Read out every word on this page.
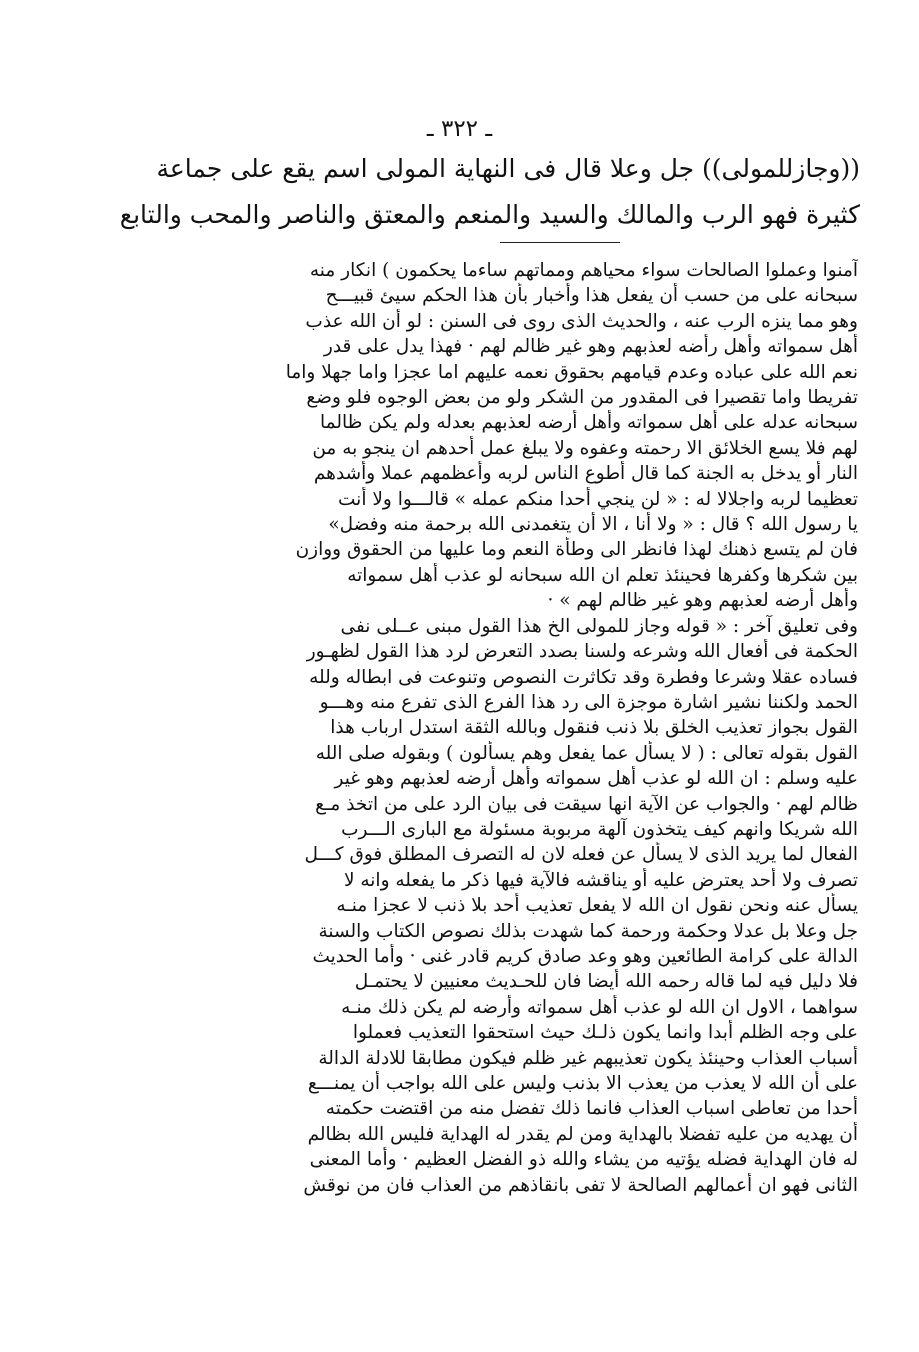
ـ ٣٢٢ ـ
((وجازللمولى)) جل وعلا قال فى النهاية المولى اسم يقع على جماعة
كثيرة فهو الرب والمالك والسيد والمنعم والمعتق والناصر والمحب والتابع
آمنوا وعملوا الصالحات سواء محياهم ومماتهم ساءما يحكمون ) انكار منه
سبحانه على من حسب أن يفعل هذا وأخبار بأن هذا الحكم سيئ قبيـــح
وهو مما ينزه الرب عنه ، والحديث الذى روى فى السنن : لو أن الله عذب
أهل سمواته وأهل رأضه لعذبهم وهو غير ظالم لهم · فهذا يدل على قدر
نعم الله على عباده وعدم قيامهم بحقوق نعمه عليهم اما عجزا واما جهلا واما
تفريطا واما تقصيرا فى المقدور من الشكر ولو من بعض الوجوه فلو وضع
سبحانه عدله على أهل سمواته وأهل أرضه لعذبهم بعدله ولم يكن ظالما
لهم فلا يسع الخلائق الا رحمته وعفوه ولا يبلغ عمل أحدهم ان ينجو به من
النار أو يدخل به الجنة كما قال أطوع الناس لربه وأعظمهم عملا وأشدهم
تعظيما لربه واجلالا له : « لن ينجي أحدا منكم عمله » قالـــوا ولا أنت
يا رسول الله ؟ قال : « ولا أنا ، الا أن يتغمدنى الله برحمة منه وفضل»
فان لم يتسع ذهنك لهذا فانظر الى وطأة النعم وما عليها من الحقوق ووازن
بين شكرها وكفرها فحينئذ تعلم ان الله سبحانه لو عذب أهل سمواته
وأهل أرضه لعذبهم وهو غير ظالم لهم » ·
وفى تعليق آخر : « قوله وجاز للمولى الخ هذا القول مبنى عــلى نفى
الحكمة فى أفعال الله وشرعه ولسنا بصدد التعرض لرد هذا القول لظهـور
فساده عقلا وشرعا وفطرة وقد تكاثرت النصوص وتنوعت فى ابطاله ولله
الحمد ولكننا نشير اشارة موجزة الى رد هذا الفرع الذى تفرع منه وهـــو
القول بجواز تعذيب الخلق بلا ذنب فنقول وبالله الثقة استدل ارباب هذا
القول بقوله تعالى : ( لا يسأل عما يفعل وهم يسألون ) وبقوله صلى الله
عليه وسلم : ان الله لو عذب أهل سمواته وأهل أرضه لعذبهم وهو غير
ظالم لهم · والجواب عن الآية انها سيقت فى بيان الرد على من اتخذ مـع
الله شريكا وانهم كيف يتخذون آلهة مربوبة مسئولة مع البارى الـــرب
الفعال لما يريد الذى لا يسأل عن فعله لان له التصرف المطلق فوق كـــل
تصرف ولا أحد يعترض عليه أو يناقشه فالآية فيها ذكر ما يفعله وانه لا
يسأل عنه ونحن نقول ان الله لا يفعل تعذيب أحد بلا ذنب لا عجزا منـه
جل وعلا بل عدلا وحكمة ورحمة كما شهدت بذلك نصوص الكتاب والسنة
الدالة على كرامة الطائعين وهو وعد صادق كريم قادر غنى · وأما الحديث
فلا دليل فيه لما قاله رحمه الله أيضا فان للحـديث معنيين لا يحتمـل
سواهما ، الاول ان الله لو عذب أهل سمواته وأرضه لم يكن ذلك منـه
على وجه الظلم أبدا وانما يكون ذلـك حيث استحقوا التعذيب فعملوا
أسباب العذاب وحينئذ يكون تعذيبهم غير ظلم فيكون مطابقا للادلة الدالة
على أن الله لا يعذب من يعذب الا بذنب وليس على الله بواجب أن يمنـــع
أحدا من تعاطى اسباب العذاب فانما ذلك تفضل منه من اقتضت حكمته
أن يهديه من عليه تفضلا بالهداية ومن لم يقدر له الهداية فليس الله بظالم
له فان الهداية فضله يؤتيه من يشاء والله ذو الفضل العظيم · وأما المعنى
الثانى فهو ان أعمالهم الصالحة لا تفى بانقاذهم من العذاب فان من نوقش
